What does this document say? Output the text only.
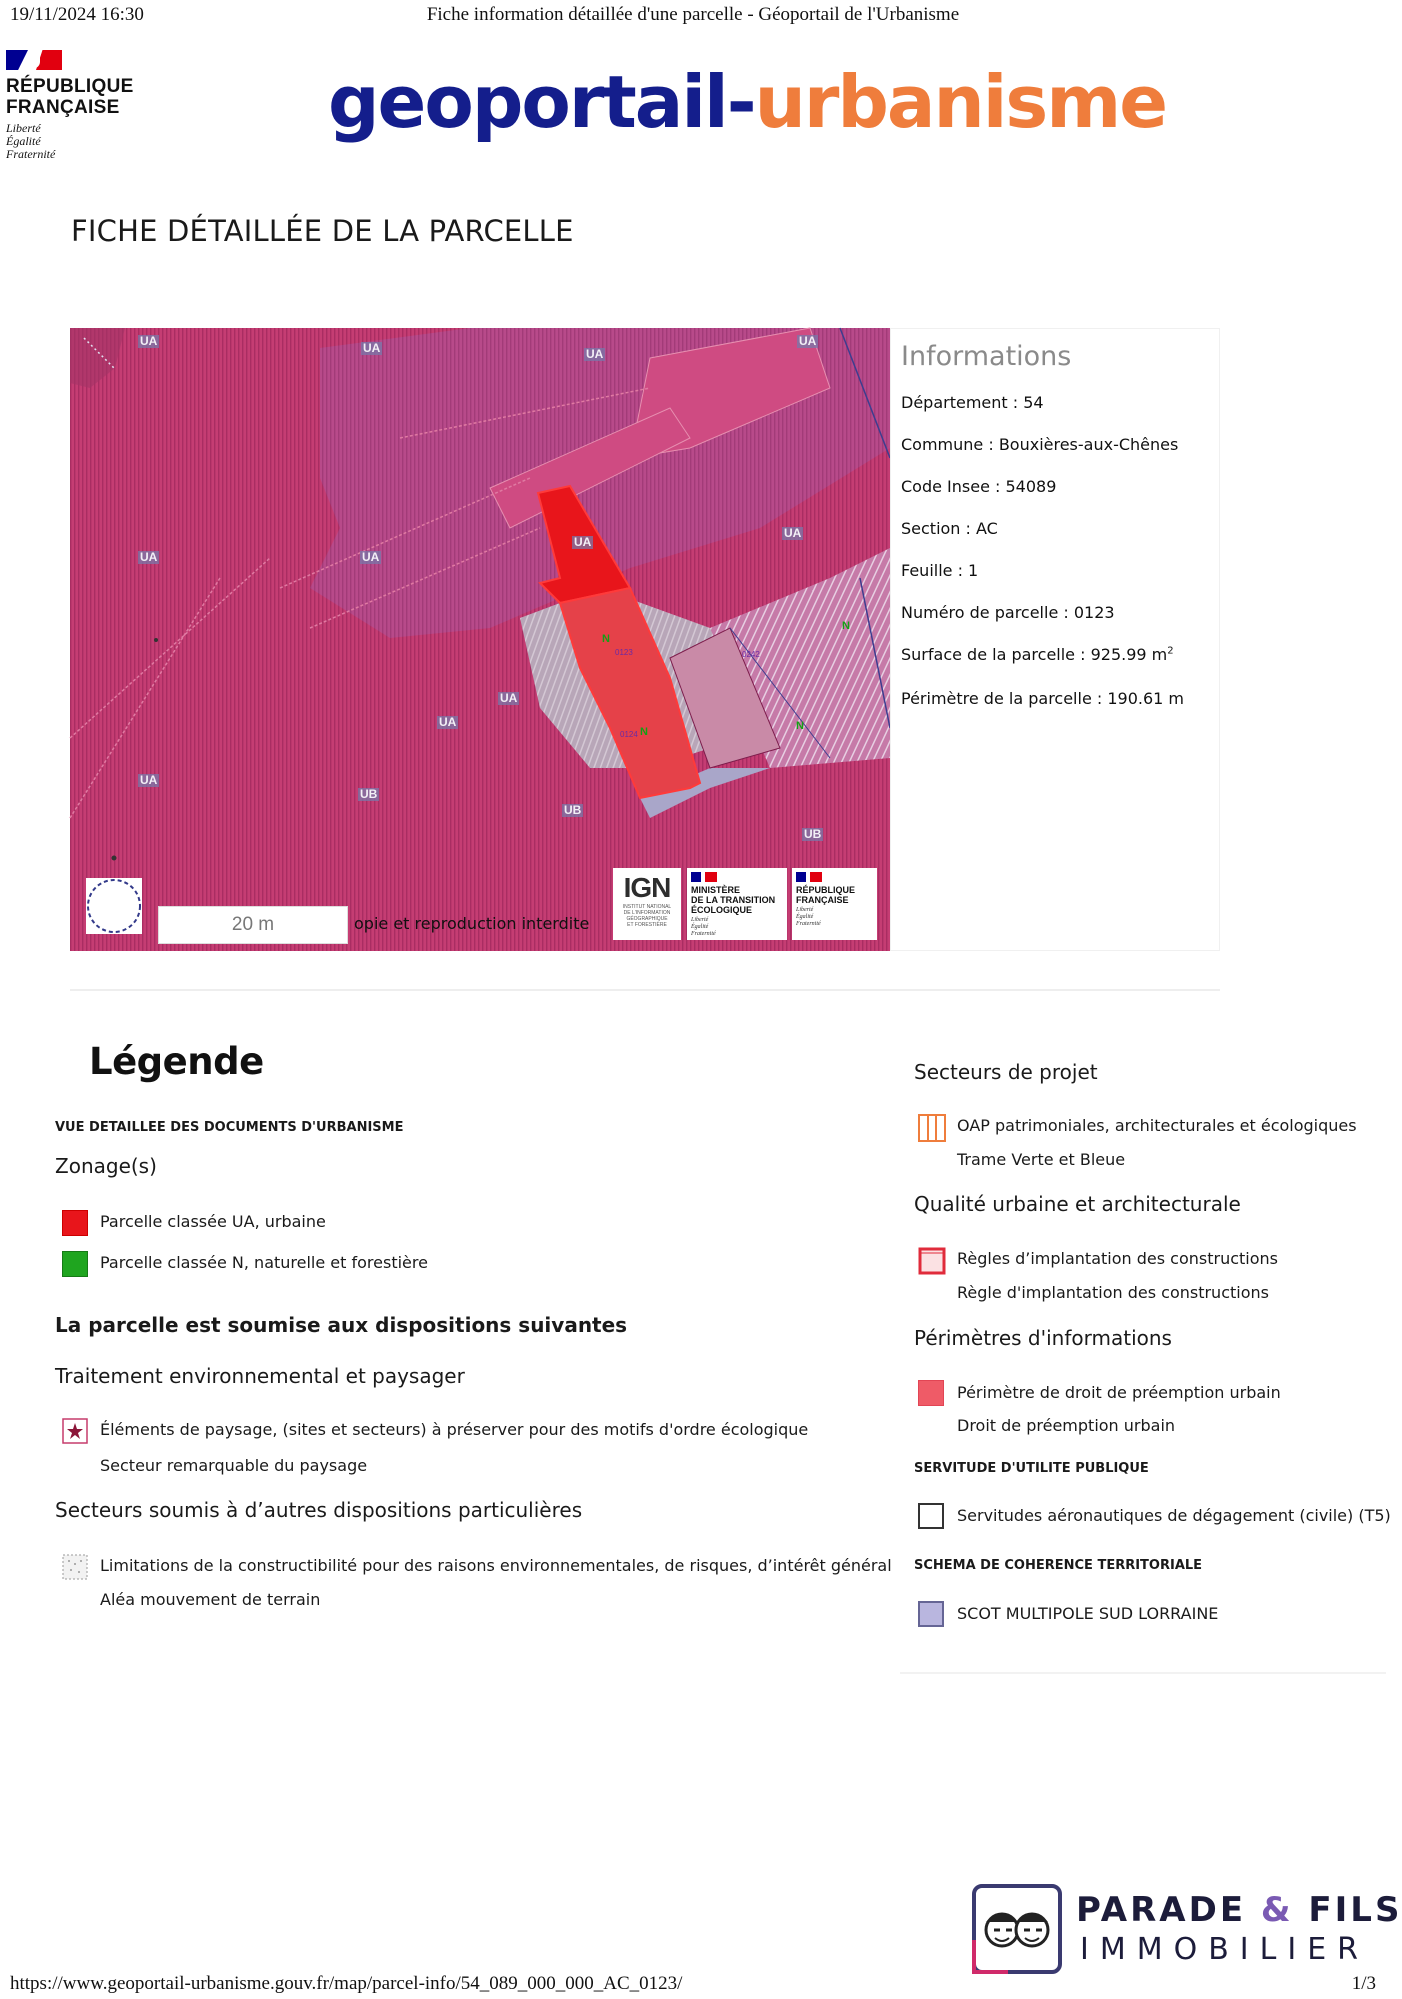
19/11/2024 16:30	Fiche information détaillée d'une parcelle - Géoportail de l'Urbanisme
RÉPUBLIQUE
FRANÇAISE
Liberté
Égalité
Fraternité
geoportail-urbanisme
FICHE DÉTAILLÉE DE LA PARCELLE
UA	UA	UA
UA
UA	UA
UA
UA
UA
UA
UA
UB
UB
UB
N
N
N	N
0123	0242
0124
20 m	opie et reproduction interdite
IGN
INSTITUT NATIONAL
DE L'INFORMATION
GÉOGRAPHIQUE
ET FORESTIÈRE
MINISTÈRE
DE LA TRANSITION
ÉCOLOGIQUE
Liberté
Égalité
Fraternité
RÉPUBLIQUE
FRANÇAISE
Liberté
Égalité
Fraternité
Informations
Département : 54
Commune : Bouxières-aux-Chênes
Code Insee : 54089
Section : AC
Feuille : 1
Numéro de parcelle : 0123
Surface de la parcelle : 925.99 $m^2$
Périmètre de la parcelle : 190.61 m
Légende
VUE DETAILLEE DES DOCUMENTS D'URBANISME
Zonage(s)
Parcelle classée UA, urbaine
Parcelle classée N, naturelle et forestière
La parcelle est soumise aux dispositions suivantes
Traitement environnemental et paysager
Éléments de paysage, (sites et secteurs) à préserver pour des motifs d'ordre écologique
Secteur remarquable du paysage
Secteurs soumis à d’autres dispositions particulières
Limitations de la constructibilité pour des raisons environnementales, de risques, d’intérêt général
Aléa mouvement de terrain
Secteurs de projet
OAP patrimoniales, architecturales et écologiques
Trame Verte et Bleue
Qualité urbaine et architecturale
Règles d’implantation des constructions
Règle d'implantation des constructions
Périmètres d'informations
Périmètre de droit de préemption urbain
Droit de préemption urbain
SERVITUDE D'UTILITE PUBLIQUE
Servitudes aéronautiques de dégagement (civile) (T5)
SCHEMA DE COHERENCE TERRITORIALE
SCOT MULTIPOLE SUD LORRAINE
PARADE & FILS
IMMOBILIER
https://www.geoportail-urbanisme.gouv.fr/map/parcel-info/54_089_000_000_AC_0123/	1/3
